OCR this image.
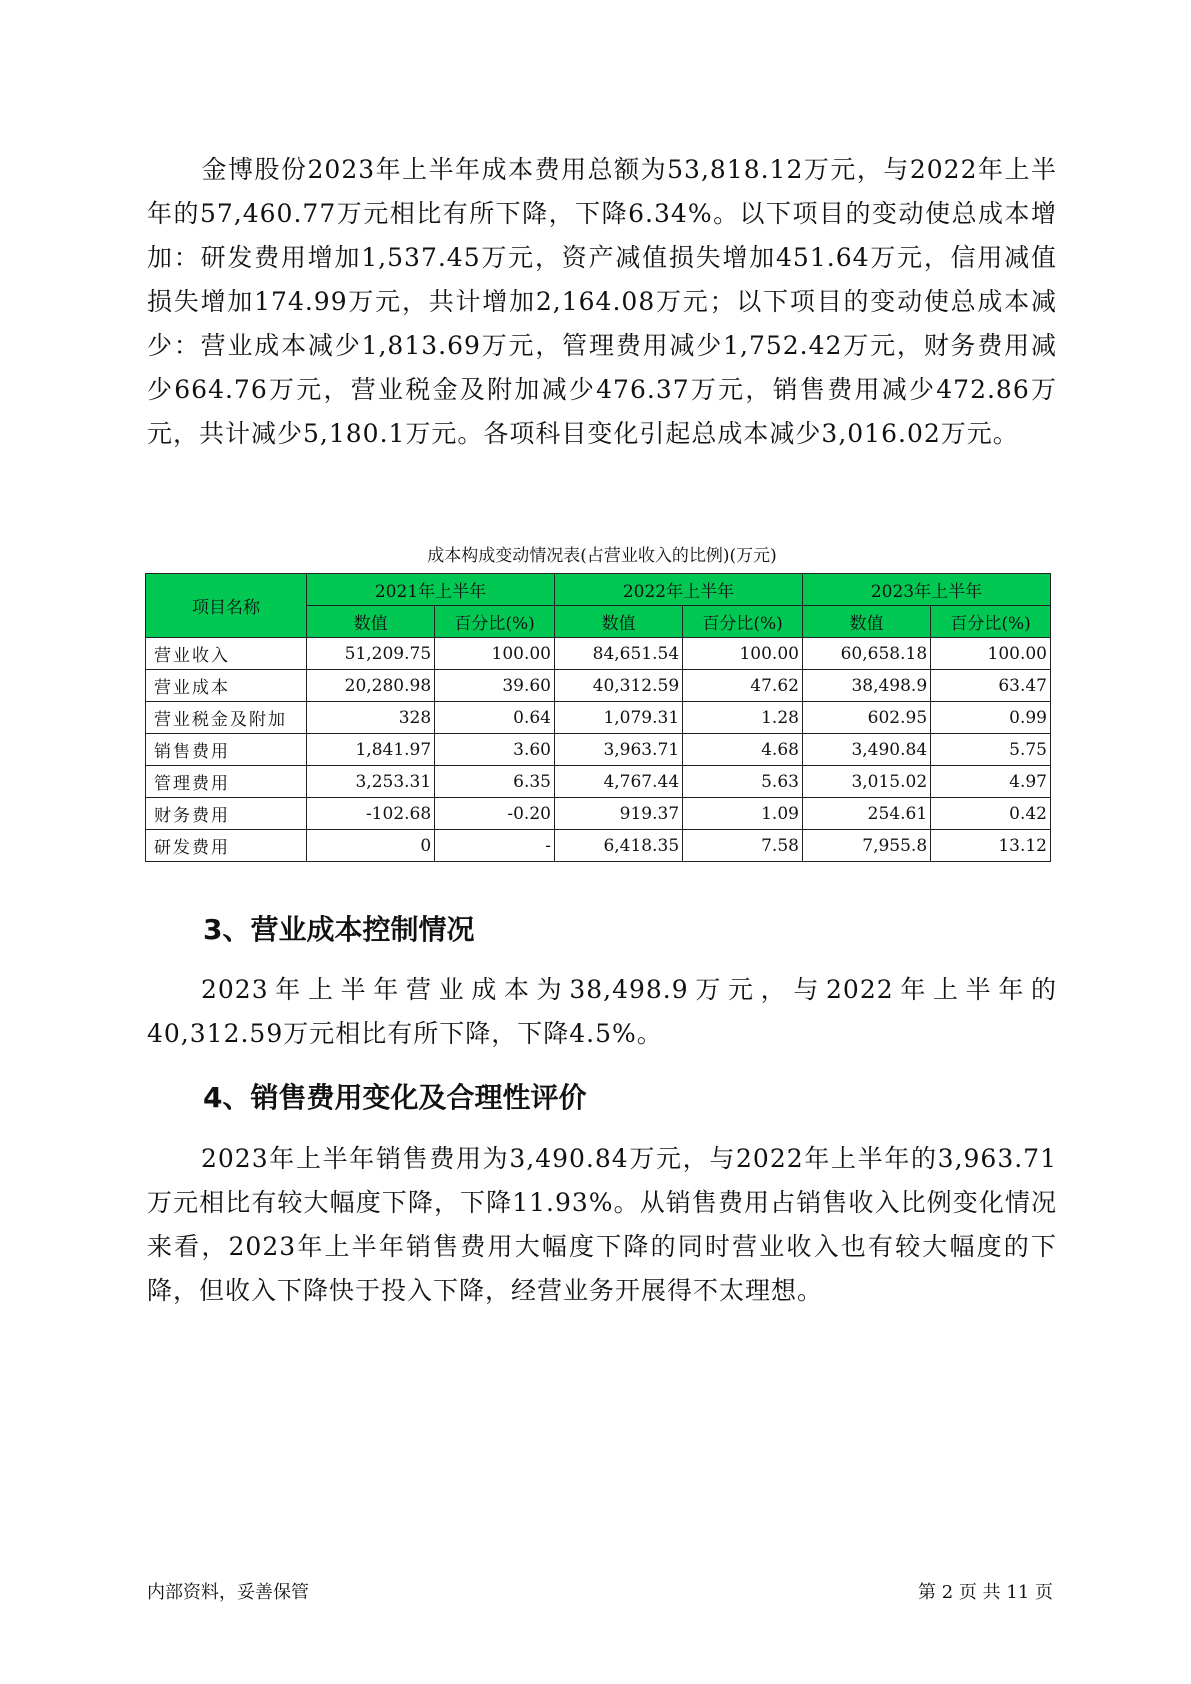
金博股份2023年上半年成本费用总额为53,818.12万元，与2022年上半年的57,460.77万元相比有所下降，下降6.34%。以下项目的变动使总成本增加：研发费用增加1,537.45万元，资产减值损失增加451.64万元，信用减值损失增加174.99万元，共计增加2,164.08万元；以下项目的变动使总成本减少：营业成本减少1,813.69万元，管理费用减少1,752.42万元，财务费用减少664.76万元，营业税金及附加减少476.37万元，销售费用减少472.86万元，共计减少5,180.1万元。各项科目变化引起总成本减少3,016.02万元。

成本构成变动情况表(占营业收入的比例)(万元)

项目名称	2021年上半年		2022年上半年		2023年上半年	
	数值	百分比(%)	数值	百分比(%)	数值	百分比(%)
营业收入	51,209.75	100.00	84,651.54	100.00	60,658.18	100.00
营业成本	20,280.98	39.60	40,312.59	47.62	38,498.9	63.47
营业税金及附加	328	0.64	1,079.31	1.28	602.95	0.99
销售费用	1,841.97	3.60	3,963.71	4.68	3,490.84	5.75
管理费用	3,253.31	6.35	4,767.44	5.63	3,015.02	4.97
财务费用	-102.68	-0.20	919.37	1.09	254.61	0.42
研发费用	0	-	6,418.35	7.58	7,955.8	13.12
3、营业成本控制情况

2023年上半年营业成本为38,498.9万元，与2022年上半年的40,312.59万元相比有所下降，下降4.5%。

4、销售费用变化及合理性评价

2023年上半年销售费用为3,490.84万元，与2022年上半年的3,963.71万元相比有较大幅度下降，下降11.93%。从销售费用占销售收入比例变化情况来看，2023年上半年销售费用大幅度下降的同时营业收入也有较大幅度的下降，但收入下降快于投入下降，经营业务开展得不太理想。

内部资料，妥善保管	第 2 页 共 11 页
